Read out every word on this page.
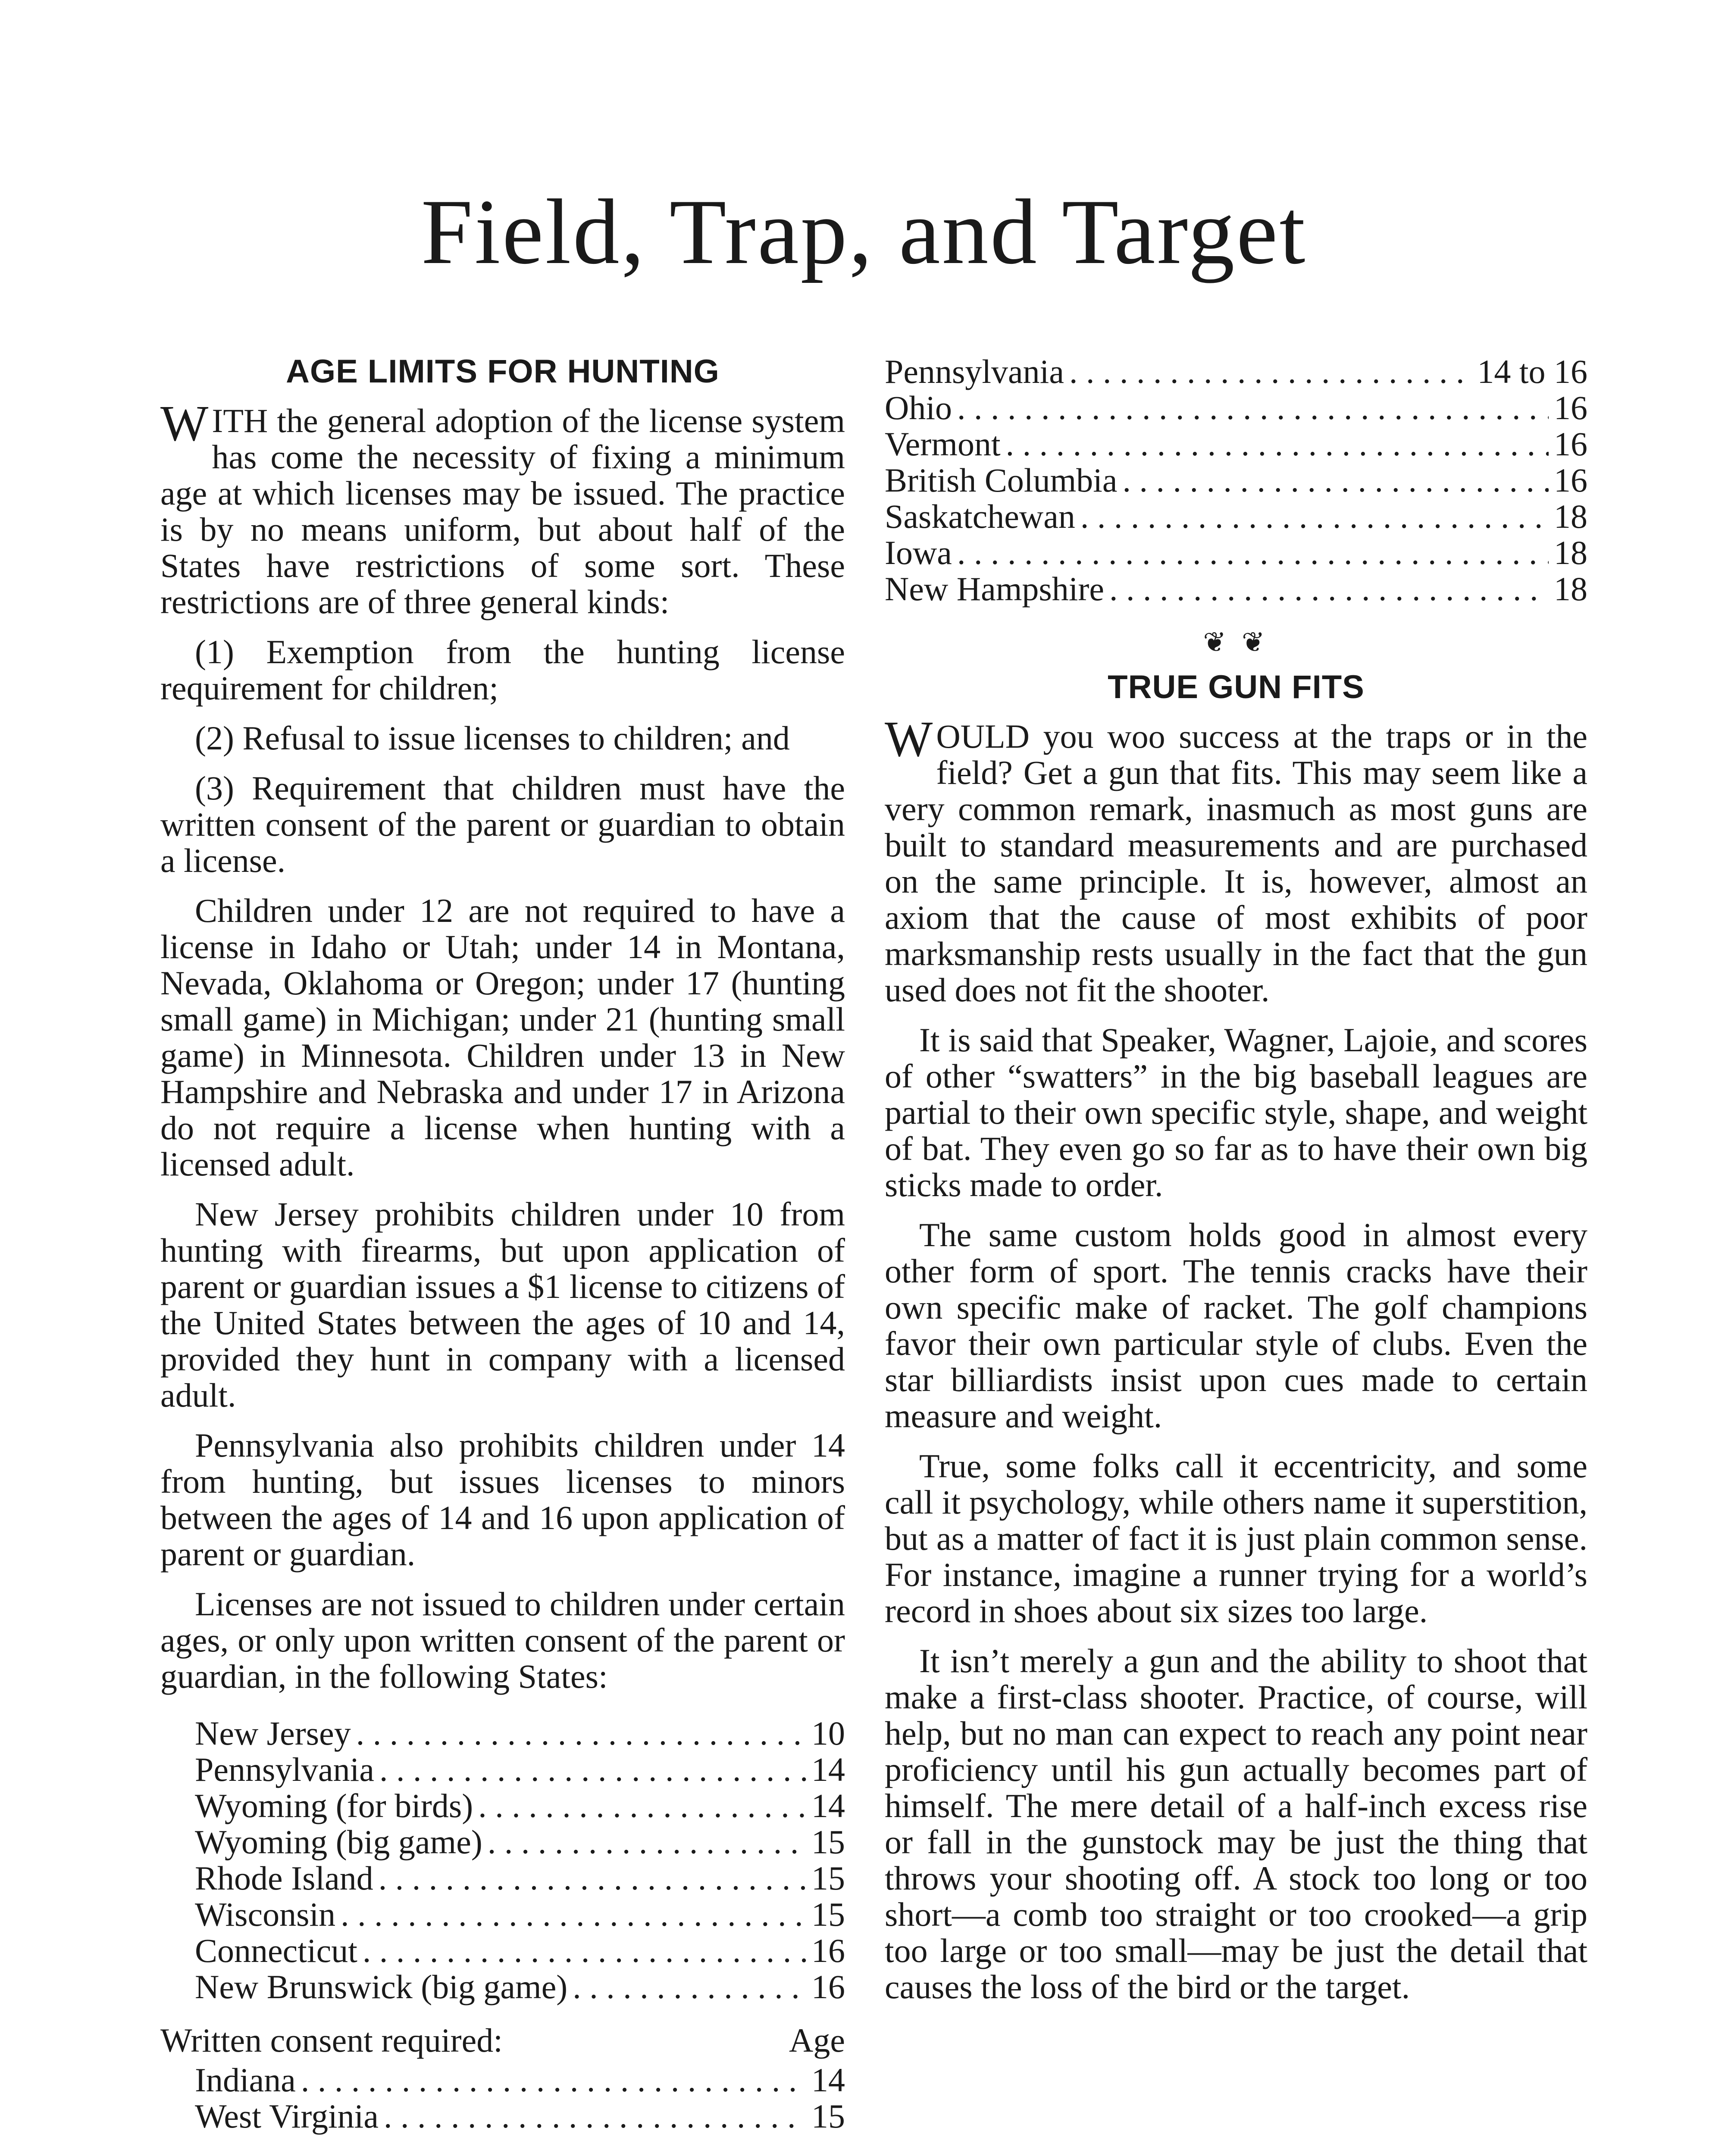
Field, Trap, and Target
AGE LIMITS FOR HUNTING

WITH the general adoption of the license system has come the necessity of fixing a minimum age at which licenses may be issued. The practice is by no means uniform, but about half of the States have restrictions of some sort. These restrictions are of three general kinds:

(1) Exemption from the hunting license requirement for children;

(2) Refusal to issue licenses to children; and

(3) Requirement that children must have the written consent of the parent or guardian to obtain a license.

Children under 12 are not required to have a license in Idaho or Utah; under 14 in Montana, Nevada, Oklahoma or Oregon; under 17 (hunting small game) in Michigan; under 21 (hunting small game) in Minnesota. Children under 13 in New Hampshire and Nebraska and under 17 in Arizona do not require a license when hunting with a licensed adult.

New Jersey prohibits children under 10 from hunting with firearms, but upon application of parent or guardian issues a $1 license to citizens of the United States between the ages of 10 and 14, provided they hunt in company with a licensed adult.

Pennsylvania also prohibits children under 14 from hunting, but issues licenses to minors between the ages of 14 and 16 upon application of parent or guardian.

Licenses are not issued to children under certain ages, or only upon written consent of the parent or guardian, in the following States:

New Jersey . . .	10
Pennsylvania . . .	14
Wyoming (for birds) . . .	14
Wyoming (big game) . . .	15
Rhode Island . . .	15
Wisconsin . . .	15
Connecticut . . .	16
New Brunswick (big game) . . .	16
Written consent required:	Age
Indiana . . .	14
West Virginia . . .	15
Pennsylvania . . .	14 to 16
Ohio . . .	16
Vermont . . .	16
British Columbia . . .	16
Saskatchewan . . .	18
Iowa . . .	18
New Hampshire . . .	18
❦ ❦
TRUE GUN FITS

WOULD you woo success at the traps or in the field? Get a gun that fits. This may seem like a very common remark, inasmuch as most guns are built to standard measurements and are purchased on the same principle. It is, however, almost an axiom that the cause of most exhibits of poor marksmanship rests usually in the fact that the gun used does not fit the shooter.

It is said that Speaker, Wagner, Lajoie, and scores of other “swatters” in the big baseball leagues are partial to their own specific style, shape, and weight of bat. They even go so far as to have their own big sticks made to order.

The same custom holds good in almost every other form of sport. The tennis cracks have their own specific make of racket. The golf champions favor their own particular style of clubs. Even the star billiardists insist upon cues made to certain measure and weight.

True, some folks call it eccentricity, and some call it psychology, while others name it superstition, but as a matter of fact it is just plain common sense. For instance, imagine a runner trying for a world’s record in shoes about six sizes too large.

It isn’t merely a gun and the ability to shoot that make a first-class shooter. Practice, of course, will help, but no man can expect to reach any point near proficiency until his gun actually becomes part of himself. The mere detail of a half-inch excess rise or fall in the gunstock may be just the thing that throws your shooting off. A stock too long or too short—a comb too straight or too crooked—a grip too large or too small—may be just the detail that causes the loss of the bird or the target.
